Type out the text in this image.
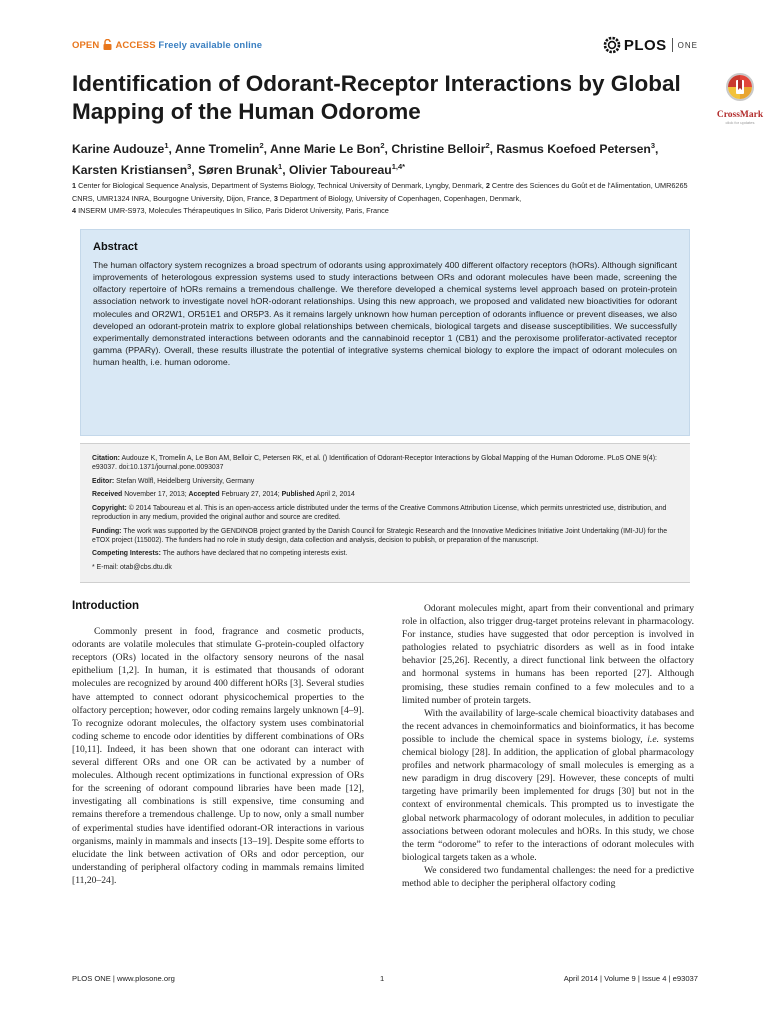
OPEN ACCESS Freely available online	PLOS ONE
Identification of Odorant-Receptor Interactions by Global Mapping of the Human Odorome	CrossMark
click for updates

Karine Audouze$^1$, Anne Tromelin$^2$, Anne Marie Le Bon$^2$, Christine Belloir$^2$, Rasmus Koefoed Petersen$^3$,
Karsten Kristiansen$^3$, Søren Brunak$^1$, Olivier Taboureau$^{1,4*}$

1 Center for Biological Sequence Analysis, Department of Systems Biology, Technical University of Denmark, Lyngby, Denmark, 2 Centre des Sciences du Goût et de l'Alimentation, UMR6265 CNRS, UMR1324 INRA, Bourgogne University, Dijon, France, 3 Department of Biology, University of Copenhagen, Copenhagen, Denmark,
4 INSERM UMR-S973, Molecules Thérapeutiques In Silico, Paris Diderot University, Paris, France

Abstract

The human olfactory system recognizes a broad spectrum of odorants using approximately 400 different olfactory receptors (hORs). Although significant improvements of heterologous expression systems used to study interactions between ORs and odorant molecules have been made, screening the olfactory repertoire of hORs remains a tremendous challenge. We therefore developed a chemical systems level approach based on protein-protein association network to investigate novel hOR-odorant relationships. Using this new approach, we proposed and validated new bioactivities for odorant molecules and OR2W1, OR51E1 and OR5P3. As it remains largely unknown how human perception of odorants influence or prevent diseases, we also developed an odorant-protein matrix to explore global relationships between chemicals, biological targets and disease susceptibilities. We successfully experimentally demonstrated interactions between odorants and the cannabinoid receptor 1 (CB1) and the peroxisome proliferator-activated receptor gamma (PPARγ). Overall, these results illustrate the potential of integrative systems chemical biology to explore the impact of odorant molecules on human health, i.e. human odorome.

Citation: Audouze K, Tromelin A, Le Bon AM, Belloir C, Petersen RK, et al. () Identification of Odorant-Receptor Interactions by Global Mapping of the Human Odorome. PLoS ONE 9(4): e93037. doi:10.1371/journal.pone.0093037

Editor: Stefan Wölfl, Heidelberg University, Germany

Received November 17, 2013; Accepted February 27, 2014; Published April 2, 2014

Copyright: © 2014 Taboureau et al. This is an open-access article distributed under the terms of the Creative Commons Attribution License, which permits unrestricted use, distribution, and reproduction in any medium, provided the original author and source are credited.

Funding: The work was supported by the GENDINOB project granted by the Danish Council for Strategic Research and the Innovative Medicines Initiative Joint Undertaking (IMI-JU) for the eTOX project (115002). The funders had no role in study design, data collection and analysis, decision to publish, or preparation of the manuscript.

Competing Interests: The authors have declared that no competing interests exist.

* E-mail: otab@cbs.dtu.dk

Introduction

Commonly present in food, fragrance and cosmetic products, odorants are volatile molecules that stimulate G-protein-coupled olfactory receptors (ORs) located in the olfactory sensory neurons of the nasal epithelium [1,2]. In human, it is estimated that thousands of odorant molecules are recognized by around 400 different hORs [3]. Several studies have attempted to connect odorant physicochemical properties to the olfactory perception; however, odor coding remains largely unknown [4–9]. To recognize odorant molecules, the olfactory system uses combinatorial coding scheme to encode odor identities by different combinations of ORs [10,11]. Indeed, it has been shown that one odorant can interact with several different ORs and one OR can be activated by a number of molecules. Although recent optimizations in functional expression of ORs for the screening of odorant compound libraries have been made [12], investigating all combinations is still expensive, time consuming and remains therefore a tremendous challenge. Up to now, only a small number of experimental studies have identified odorant-OR interactions in various organisms, mainly in mammals and insects [13–19]. Despite some efforts to elucidate the link between activation of ORs and odor perception, our understanding of peripheral olfactory coding in mammals remains limited [11,20–24].

Odorant molecules might, apart from their conventional and primary role in olfaction, also trigger drug-target proteins relevant in pharmacology. For instance, studies have suggested that odor perception is involved in pathologies related to psychiatric disorders as well as in food intake behavior [25,26]. Recently, a direct functional link between the olfactory and hormonal systems in humans has been reported [27]. Although promising, these studies remain confined to a few molecules and to a limited number of protein targets.

With the availability of large-scale chemical bioactivity databases and the recent advances in chemoinformatics and bioinformatics, it has become possible to include the chemical space in systems biology, i.e. systems chemical biology [28]. In addition, the application of global pharmacology profiles and network pharmacology of small molecules is emerging as a new paradigm in drug discovery [29]. However, these concepts of multi targeting have primarily been implemented for drugs [30] but not in the context of environmental chemicals. This prompted us to investigate the global network pharmacology of odorant molecules, in addition to peculiar associations between odorant molecules and hORs. In this study, we chose the term “odorome” to refer to the interactions of odorant molecules with biological targets taken as a whole.

We considered two fundamental challenges: the need for a predictive method able to decipher the peripheral olfactory coding

PLOS ONE | www.plosone.org	1	April 2014 | Volume 9 | Issue 4 | e93037
